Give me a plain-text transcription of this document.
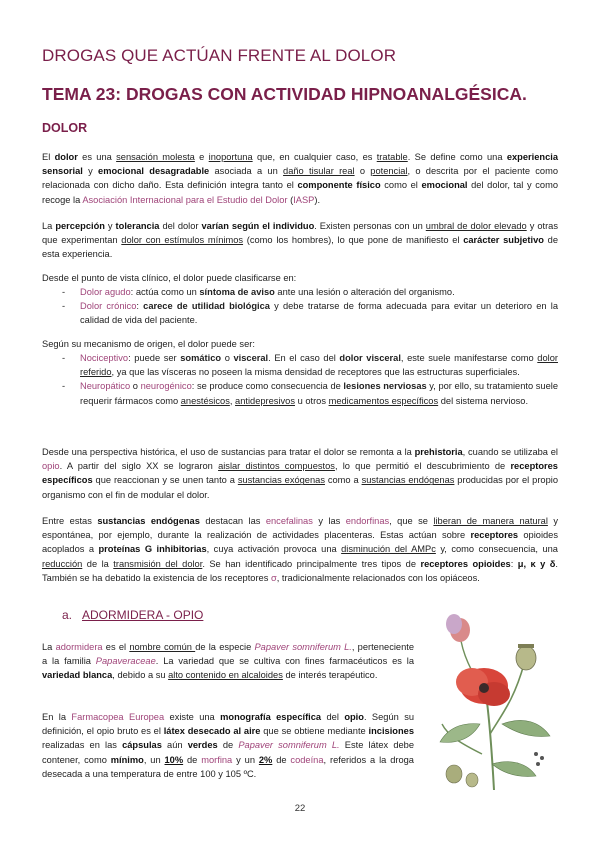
DROGAS QUE ACTÚAN FRENTE AL DOLOR
TEMA 23: DROGAS CON ACTIVIDAD HIPNOANALGÉSICA.
DOLOR
El dolor es una sensación molesta e inoportuna que, en cualquier caso, es tratable. Se define como una experiencia sensorial y emocional desagradable asociada a un daño tisular real o potencial, o descrita por el paciente como relacionada con dicho daño. Esta definición integra tanto el componente físico como el emocional del dolor, tal y como recoge la Asociación Internacional para el Estudio del Dolor (IASP).
La percepción y tolerancia del dolor varían según el individuo. Existen personas con un umbral de dolor elevado y otras que experimentan dolor con estímulos mínimos (como los hombres), lo que pone de manifiesto el carácter subjetivo de esta experiencia.
Desde el punto de vista clínico, el dolor puede clasificarse en:
- Dolor agudo: actúa como un síntoma de aviso ante una lesión o alteración del organismo.
- Dolor crónico: carece de utilidad biológica y debe tratarse de forma adecuada para evitar un deterioro en la calidad de vida del paciente.
Según su mecanismo de origen, el dolor puede ser:
- Nociceptivo: puede ser somático o visceral. En el caso del dolor visceral, este suele manifestarse como dolor referido, ya que las vísceras no poseen la misma densidad de receptores que las estructuras superficiales.
- Neuropático o neurogénico: se produce como consecuencia de lesiones nerviosas y, por ello, su tratamiento suele requerir fármacos como anestésicos, antidepresivos u otros medicamentos específicos del sistema nervioso.
Desde una perspectiva histórica, el uso de sustancias para tratar el dolor se remonta a la prehistoria, cuando se utilizaba el opio. A partir del siglo XX se lograron aislar distintos compuestos, lo que permitió el descubrimiento de receptores específicos que reaccionan y se unen tanto a sustancias exógenas como a sustancias endógenas producidas por el propio organismo con el fin de modular el dolor.
Entre estas sustancias endógenas destacan las encefalinas y las endorfinas, que se liberan de manera natural y espontánea, por ejemplo, durante la realización de actividades placenteras. Estas actúan sobre receptores opioides acoplados a proteínas G inhibitorias, cuya activación provoca una disminución del AMPc y, como consecuencia, una reducción de la transmisión del dolor. Se han identificado principalmente tres tipos de receptores opioides: μ, κ y δ. También se ha debatido la existencia de los receptores σ, tradicionalmente relacionados con los opiáceos.
a. ADORMIDERA - OPIO
La adormidera es el nombre común de la especie Papaver somniferum L., perteneciente a la familia Papaveraceae. La variedad que se cultiva con fines farmacéuticos es la variedad blanca, debido a su alto contenido en alcaloides de interés terapéutico.
En la Farmacopea Europea existe una monografía específica del opio. Según su definición, el opio bruto es el látex desecado al aire que se obtiene mediante incisiones realizadas en las cápsulas aún verdes de Papaver somniferum L. Este látex debe contener, como mínimo, un 10% de morfina y un 2% de codeína, referidos a la droga desecada a una temperatura de entre 100 y 105 ºC.
22
